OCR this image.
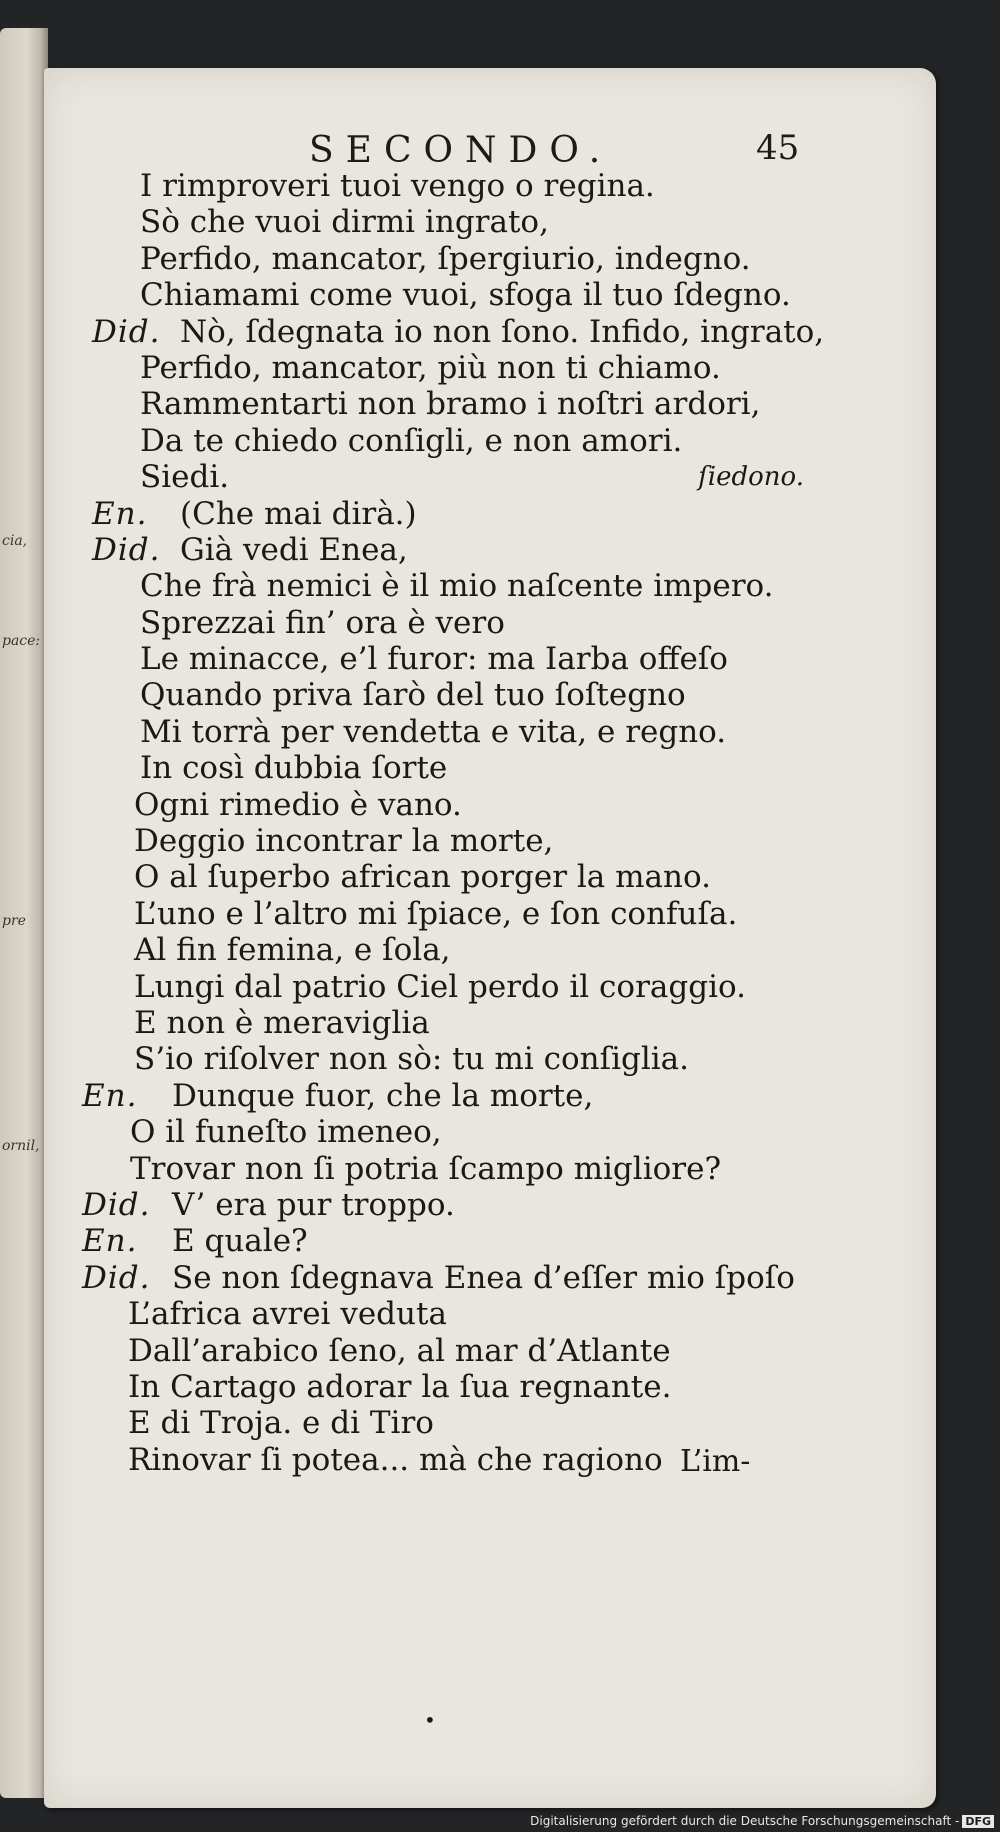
cia,
pace:
pre
ornil,
SECONDO.	45
I rimproveri tuoi vengo o regina.
Sò che vuoi dirmi ingrato,
Perfido, mancator, ſpergiurio, indegno.
Chiamami come vuoi, sfoga il tuo ſdegno.
Did. Nò, ſdegnata io non ſono. Infido, ingrato,
Perfido, mancator, più non ti chiamo.
Rammentarti non bramo i noſtri ardori,
Da te chiedo conſigli, e non amori.
Siedi.	ſiedono.
En. (Che mai dirà.)
Did. Già vedi Enea,
Che frà nemici è il mio naſcente impero.
Sprezzai fin’ ora è vero
Le minacce, e’l furor: ma Iarba offeſo
Quando priva ſarò del tuo ſoſtegno
Mi torrà per vendetta e vita, e regno.
In così dubbia ſorte
Ogni rimedio è vano.
Deggio incontrar la morte,
O al ſuperbo african porger la mano.
L’uno e l’altro mi ſpiace, e ſon confuſa.
Al fin femina, e ſola,
Lungi dal patrio Ciel perdo il coraggio.
E non è meraviglia
S’io riſolver non sò: tu mi conſiglia.
En. Dunque fuor, che la morte,
O il funeſto imeneo,
Trovar non ſi potria ſcampo migliore?
Did. V’ era pur troppo.
En. E quale?
Did. Se non ſdegnava Enea d’eſſer mio ſpoſo
L’africa avrei veduta
Dall’arabico ſeno, al mar d’Atlante
In Cartago adorar la ſua regnante.
E di Troja. e di Tiro
Rinovar ſi potea... mà che ragiono L’im-
•
Digitalisierung gefördert durch die Deutsche Forschungsgemeinschaft - DFG
